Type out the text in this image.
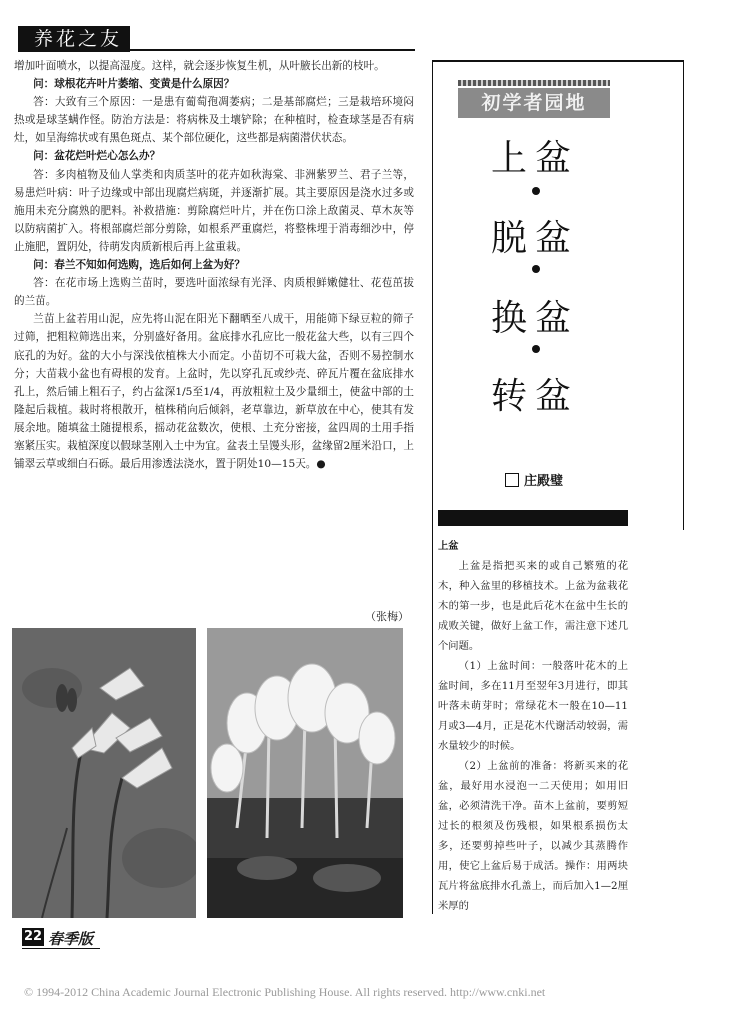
养花之友

增加叶面喷水，以提高湿度。这样，就会逐步恢复生机，从叶腋长出新的枝叶。

问：球根花卉叶片萎缩、变黄是什么原因？

答：大致有三个原因：一是患有葡萄孢凋萎病；二是基部腐烂；三是栽培环境闷热或是球茎螨作怪。防治方法是：将病株及土壤铲除；在种植时，检查球茎是否有病灶，如呈海绵状或有黑色斑点、某个部位硬化，这些都是病菌潜伏状态。

问：盆花烂叶烂心怎么办？

答：多肉植物及仙人掌类和肉质茎叶的花卉如秋海棠、非洲紫罗兰、君子兰等，易患烂叶病：叶子边缘或中部出现腐烂病斑，并逐渐扩展。其主要原因是浇水过多或施用未充分腐熟的肥料。补救措施：剪除腐烂叶片，并在伤口涂上敌菌灵、草木灰等以防病菌扩入。将根部腐烂部分剪除，如根系严重腐烂，将整株埋于消毒细沙中，停止施肥，置阴处，待萌发肉质新根后再上盆重栽。

问：春兰不知如何选购，选后如何上盆为好？

答：在花市场上选购兰苗时，要选叶面浓绿有光泽、肉质根鲜嫩健壮、花苞茁拔的兰苗。

兰苗上盆若用山泥，应先将山泥在阳光下翻晒至八成干，用能筛下绿豆粒的筛子过筛，把粗粒筛选出来，分别盛好备用。盆底排水孔应比一般花盆大些，以有三四个底孔的为好。盆的大小与深浅依植株大小而定。小苗切不可栽大盆，否则不易控制水分；大苗栽小盆也有碍根的发育。上盆时，先以穿孔瓦或纱壳、碎瓦片覆在盆底排水孔上，然后铺上粗石子，约占盆深1/5至1/4，再放粗粒土及少量细土，使盆中部的土隆起后栽植。栽时将根散开，植株稍向后倾斜，老草靠边，新草放在中心，使其有发展余地。随填盆土随提根系，摇动花盆数次，使根、土充分密接，盆四周的土用手指塞紧压实。栽植深度以假球茎刚入土中为宜。盆表土呈馒头形，盆缘留2厘米沿口，上铺翠云草或细白石砾。最后用渗透法浇水，置于阴处10—15天。●

（张梅）
初学者园地
上盆
脱盆
换盆
转盆
庄殿璧

上盆

上盆是指把买来的或自己繁殖的花木，种入盆里的移植技术。上盆为盆栽花木的第一步，也是此后花木在盆中生长的成败关键，做好上盆工作，需注意下述几个问题。

（1）上盆时间：一般落叶花木的上盆时间，多在11月至翌年3月进行，即其叶落未萌芽时；常绿花木一般在10—11月或3—4月，正是花木代谢活动较弱，需水量较少的时候。

（2）上盆前的准备：将新买来的花盆，最好用水浸泡一二天使用；如用旧盆，必须清洗干净。苗木上盆前，要剪短过长的根须及伤残根，如果根系损伤太多，还要剪掉些叶子，以减少其蒸腾作用，使它上盆后易于成活。操作：用两块瓦片将盆底排水孔盖上，而后加入1—2厘米厚的

22 春季版
© 1994-2012 China Academic Journal Electronic Publishing House. All rights reserved. http://www.cnki.net
